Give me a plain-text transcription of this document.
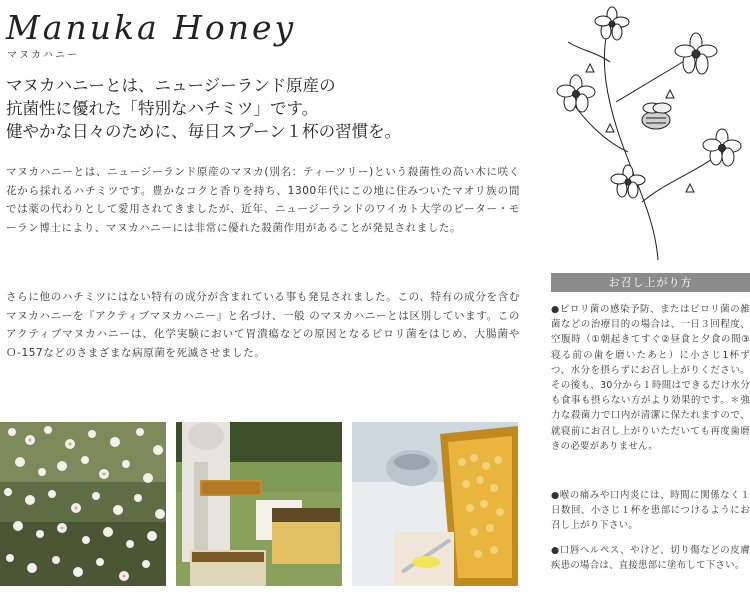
Manuka Honey
マヌカハニー
マヌカハニーとは、ニュージーランド原産の
抗菌性に優れた「特別なハチミツ」です。
健やかな日々のために、毎日スプーン１杯の習慣を。

マヌカハニーとは、ニュージーランド原産のマヌカ(別名：ティーツリー)という殺菌性の高い木に咲く花から採れるハチミツです。豊かなコクと香りを持ち、1300年代にこの地に住みついたマオリ族の間では薬の代わりとして愛用されてきましたが、近年、ニュージーランドのワイカト大学のピーター・モーラン博士により、マヌカハニーには非常に優れた殺菌作用があることが発見されました。

さらに他のハチミツにはない特有の成分が含まれている事も発見されました。この、特有の成分を含むマヌカハニーを『アクティブマヌカハニー』と名づけ、一般 のマヌカハニーとは区別しています。このアクティブマヌカハニーは、化学実験において胃潰瘍などの原因となるピロリ菌をはじめ、大腸菌やＯ-157などのさまざまな病原菌を死滅させました。

お召し上がり方
●ピロリ菌の感染予防、またはピロリ菌の雑菌などの治療目的の場合は、一日３回程度、空腹時（①朝起きてすぐ②昼食と夕食の間③寝る前の歯を磨いたあと）に小さじ1杯ずつ、水分を摂らずにお召し上がりください。その後も、30分から１時間はできるだけ水分も食事も摂らない方がより効果的です。＊強力な殺菌力で口内が清潔に保たれますので、就寝前にお召し上がりいただいても再度歯磨きの必要がありません。
●喉の痛みや口内炎には、時間に関係なく１日数回、小さじ１杯を患部につけるようにお召し上がり下さい。
●口唇ヘルペス、やけど、切り傷などの皮膚疾患の場合は、直接患部に塗布して下さい。
